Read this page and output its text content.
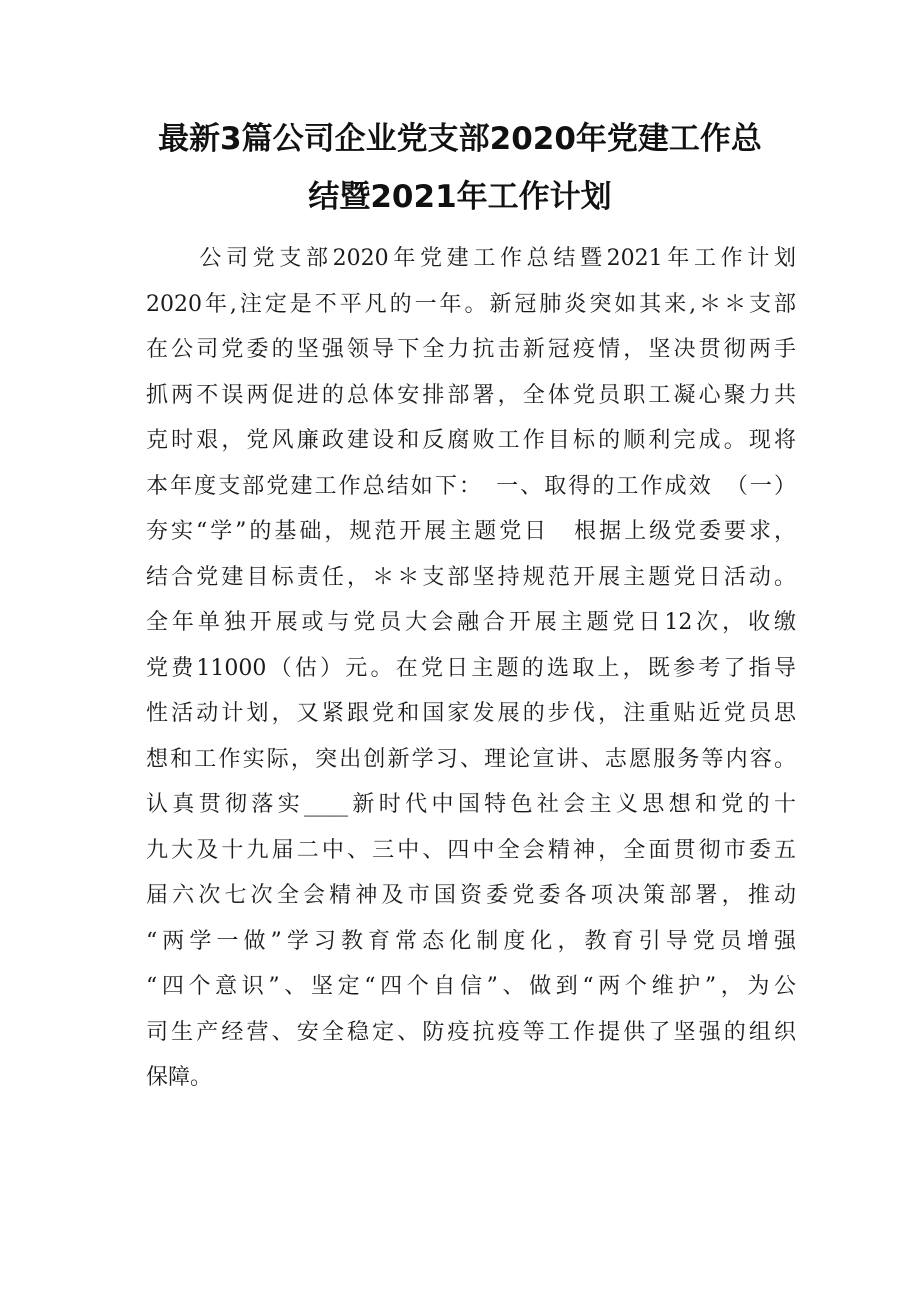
最新3篇公司企业党支部2020年党建工作总
结暨2021年工作计划
　　公司党支部2020年党建工作总结暨2021年工作计划
2020年,注定是不平凡的一年。新冠肺炎突如其来,＊＊支部
在公司党委的坚强领导下全力抗击新冠疫情，坚决贯彻两手
抓两不误两促进的总体安排部署，全体党员职工凝心聚力共
克时艰，党风廉政建设和反腐败工作目标的顺利完成。现将
本年度支部党建工作总结如下：　一、取得的工作成效　（一）
夯实“学”的基础，规范开展主题党日　根据上级党委要求，
结合党建目标责任，＊＊支部坚持规范开展主题党日活动。
全年单独开展或与党员大会融合开展主题党日12次，收缴
党费11000（估）元。在党日主题的选取上，既参考了指导
性活动计划，又紧跟党和国家发展的步伐，注重贴近党员思
想和工作实际，突出创新学习、理论宣讲、志愿服务等内容。
认真贯彻落实____新时代中国特色社会主义思想和党的十
九大及十九届二中、三中、四中全会精神，全面贯彻市委五
届六次七次全会精神及市国资委党委各项决策部署，推动
“两学一做”学习教育常态化制度化，教育引导党员增强
“四个意识”、坚定“四个自信”、做到“两个维护”，为公
司生产经营、安全稳定、防疫抗疫等工作提供了坚强的组织
保障。
